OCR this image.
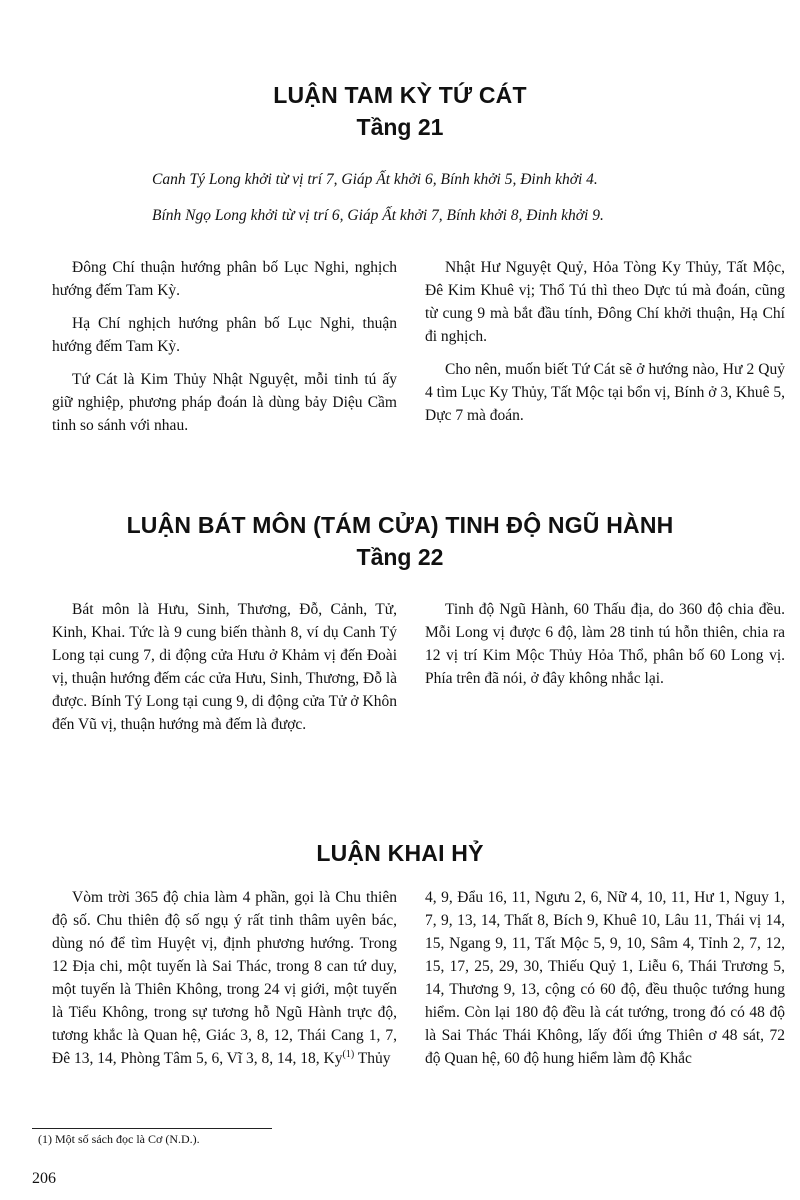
LUẬN TAM KỲ TỨ CÁT
Tầng 21

Canh Tý Long khởi từ vị trí 7, Giáp Ất khởi 6, Bính khởi 5, Đinh khởi 4.

Bính Ngọ Long khởi từ vị trí 6, Giáp Ất khởi 7, Bính khởi 8, Đinh khởi 9.

Đông Chí thuận hướng phân bố Lục Nghi, nghịch hướng đếm Tam Kỳ.

Hạ Chí nghịch hướng phân bố Lục Nghi, thuận hướng đếm Tam Kỳ.

Tứ Cát là Kim Thủy Nhật Nguyệt, mỗi tinh tú ấy giữ nghiệp, phương pháp đoán là dùng bảy Diệu Cầm tinh so sánh với nhau.

Nhật Hư Nguyệt Quỷ, Hỏa Tòng Ky Thủy, Tất Mộc, Đê Kim Khuê vị; Thổ Tú thì theo Dực tú mà đoán, cũng từ cung 9 mà bắt đầu tính, Đông Chí khởi thuận, Hạ Chí đi nghịch.

Cho nên, muốn biết Tứ Cát sẽ ở hướng nào, Hư 2 Quỷ 4 tìm Lục Ky Thủy, Tất Mộc tại bổn vị, Bính ở 3, Khuê 5, Dực 7 mà đoán.

LUẬN BÁT MÔN (TÁM CỬA) TINH ĐỘ NGŨ HÀNH
Tầng 22

Bát môn là Hưu, Sinh, Thương, Đỗ, Cảnh, Tử, Kinh, Khai. Tức là 9 cung biến thành 8, ví dụ Canh Tý Long tại cung 7, di động cửa Hưu ở Khảm vị đến Đoài vị, thuận hướng đếm các cửa Hưu, Sinh, Thương, Đỗ là được. Bính Tý Long tại cung 9, di động cửa Tử ở Khôn đến Vũ vị, thuận hướng mà đếm là được.

Tinh độ Ngũ Hành, 60 Thấu địa, do 360 độ chia đều. Mỗi Long vị được 6 độ, làm 28 tinh tú hỗn thiên, chia ra 12 vị trí Kim Mộc Thủy Hỏa Thổ, phân bố 60 Long vị. Phía trên đã nói, ở đây không nhắc lại.

LUẬN KHAI HỶ

Vòm trời 365 độ chia làm 4 phần, gọi là Chu thiên độ số. Chu thiên độ số ngụ ý rất tinh thâm uyên bác, dùng nó để tìm Huyệt vị, định phương hướng. Trong 12 Địa chi, một tuyến là Sai Thác, trong 8 can tứ duy, một tuyến là Thiên Không, trong 24 vị giới, một tuyến là Tiểu Không, trong sự tương hỗ Ngũ Hành trực độ, tương khắc là Quan hệ, Giác 3, 8, 12, Thái Cang 1, 7, Đê 13, 14, Phòng Tâm 5, 6, Vĩ 3, 8, 14, 18, Ky$^{(1)}$ Thủy

4, 9, Đẩu 16, 11, Ngưu 2, 6, Nữ 4, 10, 11, Hư 1, Nguy 1, 7, 9, 13, 14, Thất 8, Bích 9, Khuê 10, Lâu 11, Thái vị 14, 15, Ngang 9, 11, Tất Mộc 5, 9, 10, Sâm 4, Tỉnh 2, 7, 12, 15, 17, 25, 29, 30, Thiếu Quỷ 1, Liễu 6, Thái Trương 5, 14, Thương 9, 13, cộng có 60 độ, đều thuộc tướng hung hiểm. Còn lại 180 độ đều là cát tướng, trong đó có 48 độ là Sai Thác Thái Không, lấy đối ứng Thiên ơ 48 sát, 72 độ Quan hệ, 60 độ hung hiểm làm độ Khắc

(1) Một số sách đọc là Cơ (N.D.).
206
